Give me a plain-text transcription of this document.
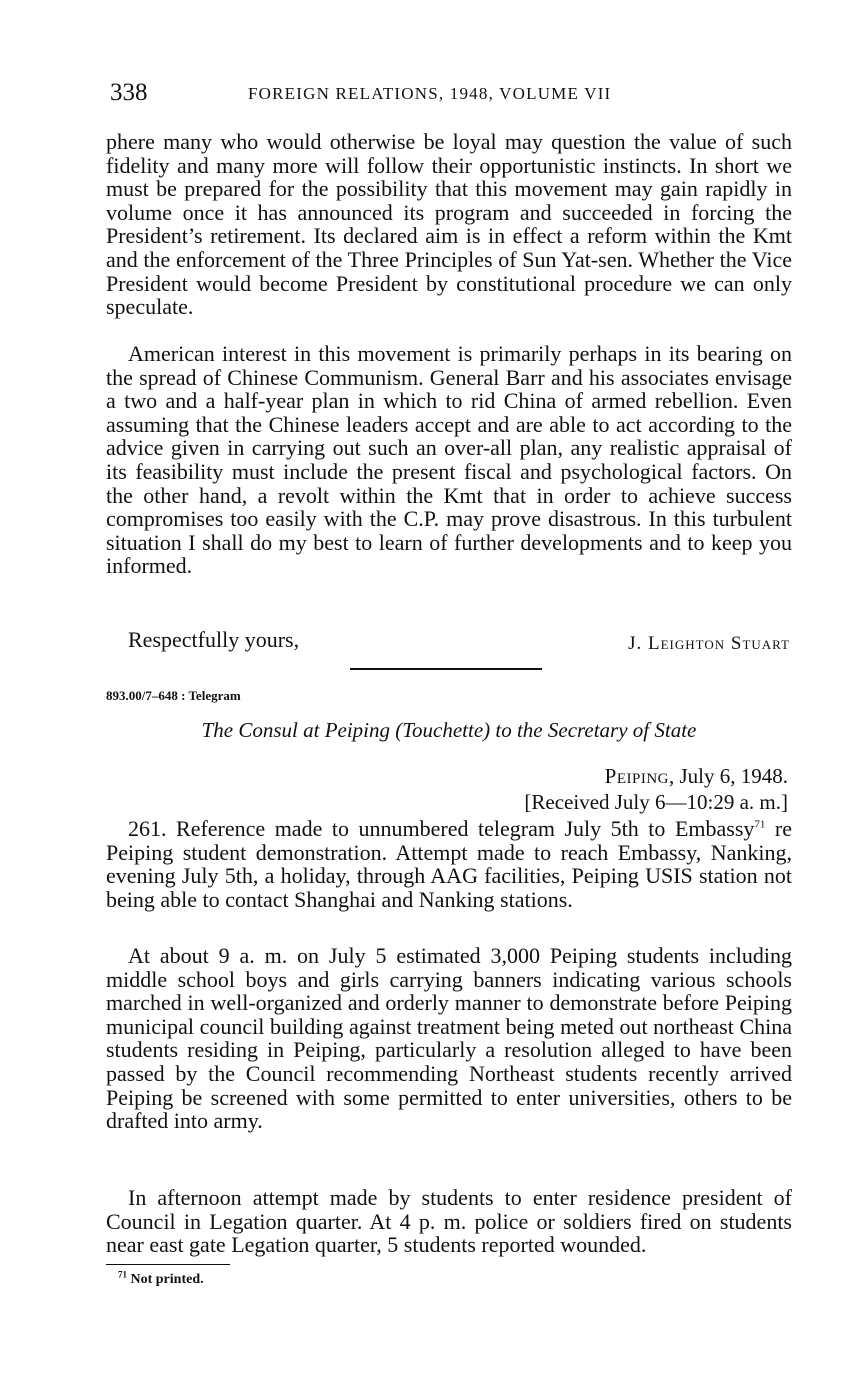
338	FOREIGN RELATIONS, 1948, VOLUME VII

phere many who would otherwise be loyal may question the value of such fidelity and many more will follow their opportunistic instincts. In short we must be prepared for the possibility that this movement may gain rapidly in volume once it has announced its program and succeeded in forcing the President’s retirement. Its declared aim is in effect a reform within the Kmt and the enforcement of the Three Principles of Sun Yat-sen. Whether the Vice President would become President by constitutional procedure we can only speculate.

American interest in this movement is primarily perhaps in its bearing on the spread of Chinese Communism. General Barr and his associates envisage a two and a half-year plan in which to rid China of armed rebellion. Even assuming that the Chinese leaders accept and are able to act according to the advice given in carrying out such an over-all plan, any realistic appraisal of its feasibility must include the present fiscal and psychological factors. On the other hand, a revolt within the Kmt that in order to achieve success compromises too easily with the C.P. may prove disastrous. In this turbulent situation I shall do my best to learn of further developments and to keep you informed.

Respectfully yours,	J. Leighton Stuart
893.00/7–648 : Telegram
The Consul at Peiping (Touchette) to the Secretary of State
Peiping, July 6, 1948.
[Received July 6—10:29 a. m.]

261. Reference made to unnumbered telegram July 5th to Embassy$^{71}$ re Peiping student demonstration. Attempt made to reach Embassy, Nanking, evening July 5th, a holiday, through AAG facilities, Peiping USIS station not being able to contact Shanghai and Nanking stations.

At about 9 a. m. on July 5 estimated 3,000 Peiping students including middle school boys and girls carrying banners indicating various schools marched in well-organized and orderly manner to demonstrate before Peiping municipal council building against treatment being meted out northeast China students residing in Peiping, particularly a resolution alleged to have been passed by the Council recommending Northeast students recently arrived Peiping be screened with some permitted to enter universities, others to be drafted into army.

In afternoon attempt made by students to enter residence president of Council in Legation quarter. At 4 p. m. police or soldiers fired on students near east gate Legation quarter, 5 students reported wounded.

$^{71}$ Not printed.
